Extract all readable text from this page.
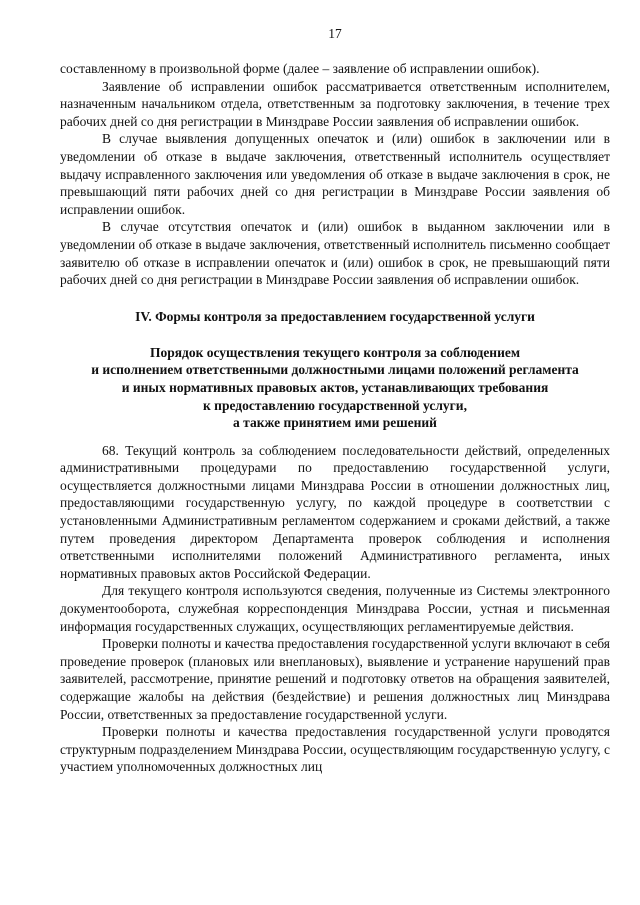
17

составленному в произвольной форме (далее – заявление об исправлении ошибок).

Заявление об исправлении ошибок рассматривается ответственным исполнителем, назначенным начальником отдела, ответственным за подготовку заключения, в течение трех рабочих дней со дня регистрации в Минздраве России заявления об исправлении ошибок.

В случае выявления допущенных опечаток и (или) ошибок в заключении или в уведомлении об отказе в выдаче заключения, ответственный исполнитель осуществляет выдачу исправленного заключения или уведомления об отказе в выдаче заключения в срок, не превышающий пяти рабочих дней со дня регистрации в Минздраве России заявления об исправлении ошибок.

В случае отсутствия опечаток и (или) ошибок в выданном заключении или в уведомлении об отказе в выдаче заключения, ответственный исполнитель письменно сообщает заявителю об отказе в исправлении опечаток и (или) ошибок в срок, не превышающий пяти рабочих дней со дня регистрации в Минздраве России заявления об исправлении ошибок.

IV. Формы контроля за предоставлением государственной услуги
Порядок осуществления текущего контроля за соблюдением
и исполнением ответственными должностными лицами положений регламента
и иных нормативных правовых актов, устанавливающих требования
к предоставлению государственной услуги,
а также принятием ими решений

68. Текущий контроль за соблюдением последовательности действий, определенных административными процедурами по предоставлению государственной услуги, осуществляется должностными лицами Минздрава России в отношении должностных лиц, предоставляющими государственную услугу, по каждой процедуре в соответствии с установленными Административным регламентом содержанием и сроками действий, а также путем проведения директором Департамента проверок соблюдения и исполнения ответственными исполнителями положений Административного регламента, иных нормативных правовых актов Российской Федерации.

Для текущего контроля используются сведения, полученные из Системы электронного документооборота, служебная корреспонденция Минздрава России, устная и письменная информация государственных служащих, осуществляющих регламентируемые действия.

Проверки полноты и качества предоставления государственной услуги включают в себя проведение проверок (плановых или внеплановых), выявление и устранение нарушений прав заявителей, рассмотрение, принятие решений и подготовку ответов на обращения заявителей, содержащие жалобы на действия (бездействие) и решения должностных лиц Минздрава России, ответственных за предоставление государственной услуги.

Проверки полноты и качества предоставления государственной услуги проводятся структурным подразделением Минздрава России, осуществляющим государственную услугу, с участием уполномоченных должностных лиц
